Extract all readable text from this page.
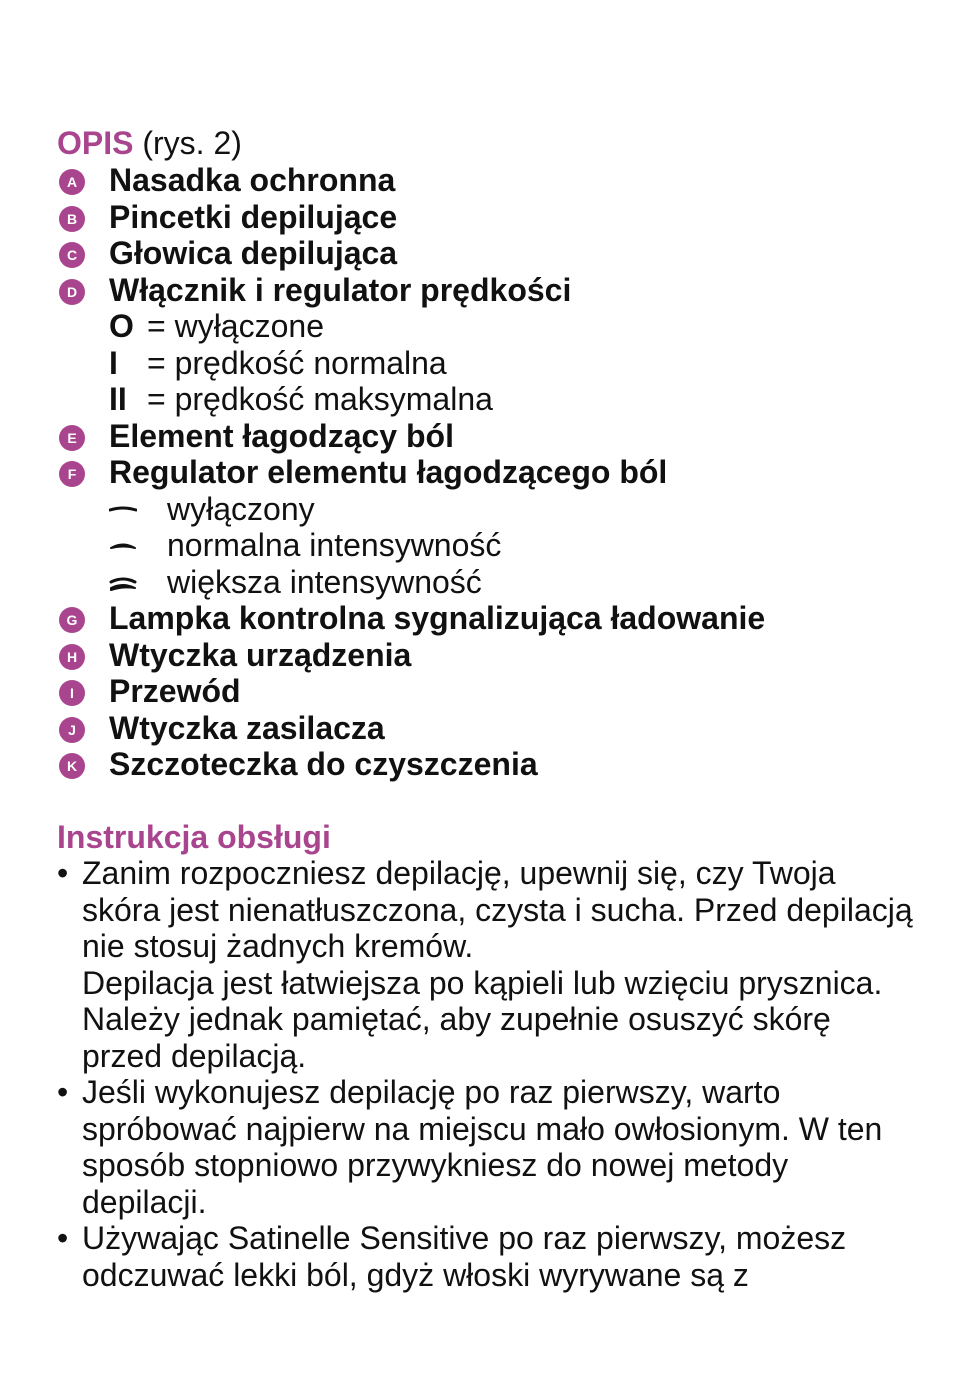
OPIS (rys. 2)
A Nasadka ochronna
B Pincetki depilujące
C Głowica depilująca
D Włącznik i regulator prędkości
O = wyłączone
I = prędkość normalna
II = prędkość maksymalna
E Element łagodzący ból
F Regulator elementu łagodzącego ból
wyłączony
normalna intensywność
większa intensywność
G Lampka kontrolna sygnalizująca ładowanie
H Wtyczka urządzenia
I	Przewód
J Wtyczka zasilacza
K Szczoteczka do czyszczenia
Instrukcja obsługi
• Zanim rozpoczniesz depilację, upewnij się, czy Twoja skóra jest nienatłuszczona, czysta i sucha. Przed depilacją nie stosuj żadnych kremów.

Depilacja jest łatwiejsza po kąpieli lub wzięciu prysznica. Należy jednak pamiętać, aby zupełnie osuszyć skórę przed depilacją.

• Jeśli wykonujesz depilację po raz pierwszy, warto spróbować najpierw na miejscu mało owłosionym. W ten sposób stopniowo przywykniesz do nowej metody depilacji.

• Używając Satinelle Sensitive po raz pierwszy, możesz odczuwać lekki ból, gdyż włoski wyrywane są z
